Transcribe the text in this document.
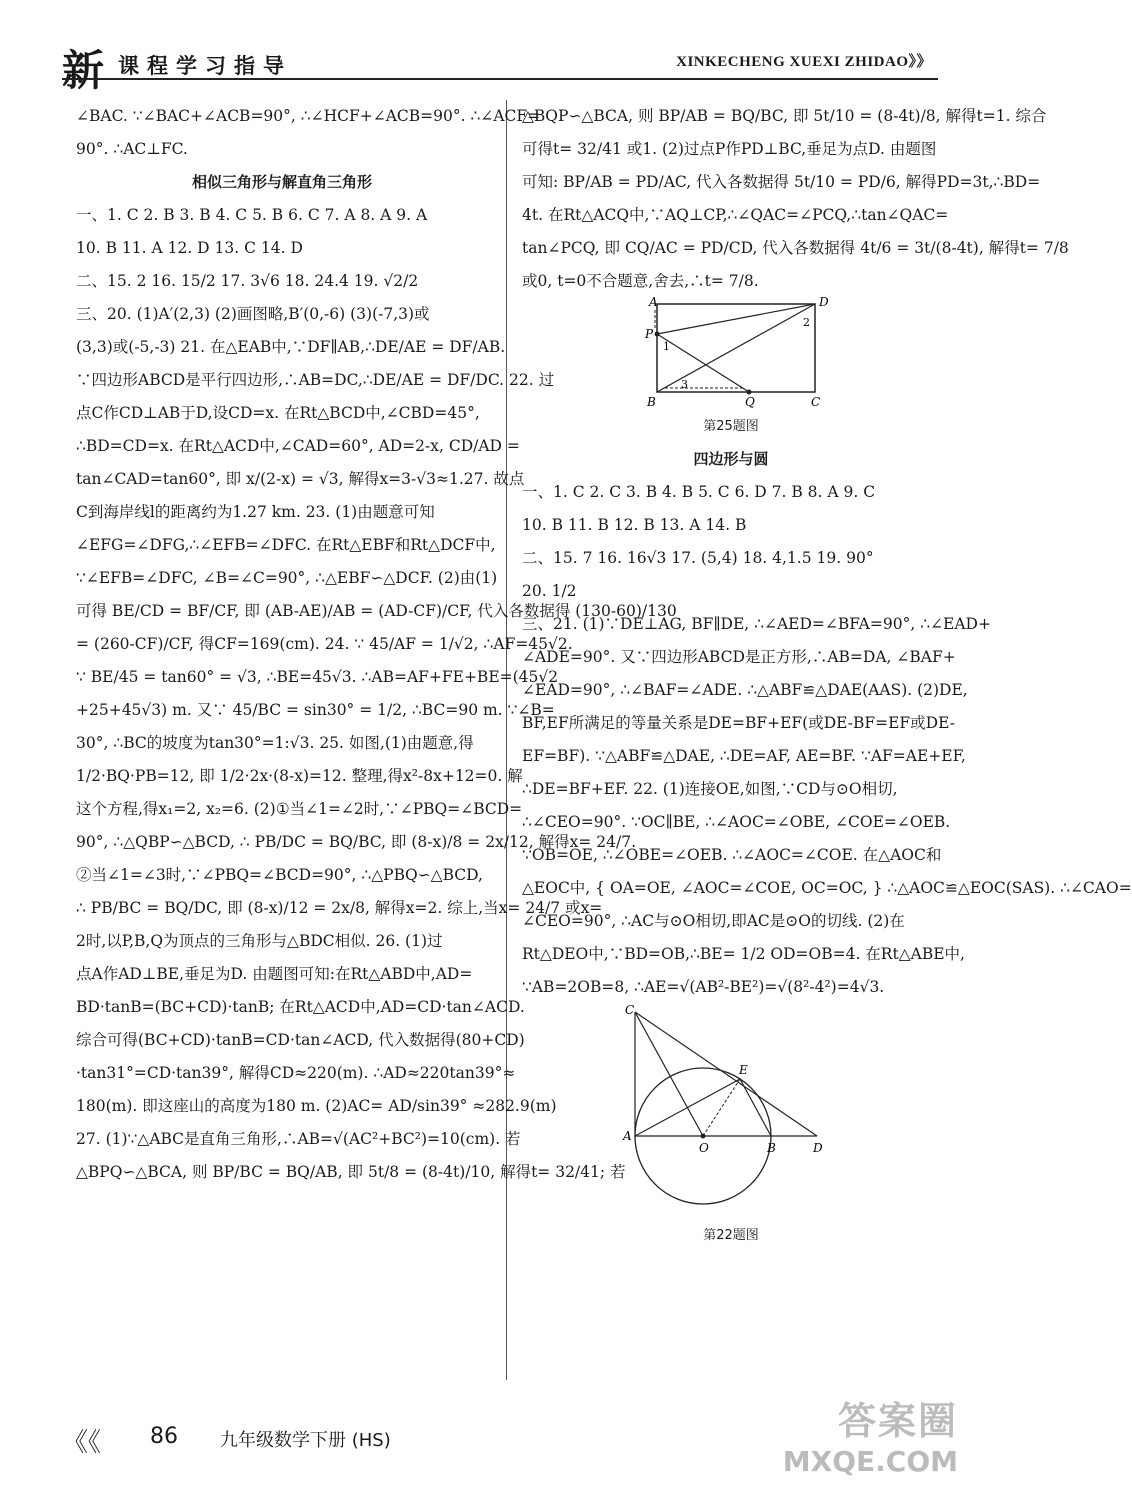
新 课程学习指导	XINKECHENG XUEXI ZHIDAO》》
∠BAC. ∵∠BAC+∠ACB=90°, ∴∠HCF+∠ACB=90°. ∴∠ACF=
90°. ∴AC⊥FC.
相似三角形与解直角三角形
一、1. C 2. B 3. B 4. C 5. B 6. C 7. A 8. A 9. A
10. B 11. A 12. D 13. C 14. D
二、15. 2 16. 15/2 17. 3√6 18. 24.4 19. √2/2
三、20. (1)A′(2,3) (2)画图略,B′(0,-6) (3)(-7,3)或
(3,3)或(-5,-3) 21. 在△EAB中,∵DF∥AB,∴DE/AE = DF/AB.
∵四边形ABCD是平行四边形,∴AB=DC,∴DE/AE = DF/DC. 22. 过
点C作CD⊥AB于D,设CD=x. 在Rt△BCD中,∠CBD=45°,
∴BD=CD=x. 在Rt△ACD中,∠CAD=60°, AD=2-x, CD/AD =
tan∠CAD=tan60°, 即 x/(2-x) = √3, 解得x=3-√3≈1.27. 故点
C到海岸线l的距离约为1.27 km. 23. (1)由题意可知
∠EFG=∠DFG,∴∠EFB=∠DFC. 在Rt△EBF和Rt△DCF中,
∵∠EFB=∠DFC, ∠B=∠C=90°, ∴△EBF∽△DCF. (2)由(1)
可得 BE/CD = BF/CF, 即 (AB-AE)/AB = (AD-CF)/CF, 代入各数据得 (130-60)/130
= (260-CF)/CF, 得CF=169(cm). 24. ∵ 45/AF = 1/√2, ∴AF=45√2.
∵ BE/45 = tan60° = √3, ∴BE=45√3. ∴AB=AF+FE+BE=(45√2
+25+45√3) m. 又∵ 45/BC = sin30° = 1/2, ∴BC=90 m. ∵∠B=
30°, ∴BC的坡度为tan30°=1:√3. 25. 如图,(1)由题意,得
1/2·BQ·PB=12, 即 1/2·2x·(8-x)=12. 整理,得x²-8x+12=0. 解
这个方程,得x₁=2, x₂=6. (2)①当∠1=∠2时,∵∠PBQ=∠BCD=
90°, ∴△QBP∽△BCD, ∴ PB/DC = BQ/BC, 即 (8-x)/8 = 2x/12, 解得x= 24/7.
②当∠1=∠3时,∵∠PBQ=∠BCD=90°, ∴△PBQ∽△BCD,
∴ PB/BC = BQ/DC, 即 (8-x)/12 = 2x/8, 解得x=2. 综上,当x= 24/7 或x=
2时,以P,B,Q为顶点的三角形与△BDC相似. 26. (1)过
点A作AD⊥BE,垂足为D. 由题图可知:在Rt△ABD中,AD=
BD·tanB=(BC+CD)·tanB; 在Rt△ACD中,AD=CD·tan∠ACD.
综合可得(BC+CD)·tanB=CD·tan∠ACD, 代入数据得(80+CD)
·tan31°=CD·tan39°, 解得CD≈220(m). ∴AD≈220tan39°≈
180(m). 即这座山的高度为180 m. (2)AC= AD/sin39° ≈282.9(m)
27. (1)∵△ABC是直角三角形,∴AB=√(AC²+BC²)=10(cm). 若
△BPQ∽△BCA, 则 BP/BC = BQ/AB, 即 5t/8 = (8-4t)/10, 解得t= 32/41; 若
△BQP∽△BCA, 则 BP/AB = BQ/BC, 即 5t/10 = (8-4t)/8, 解得t=1. 综合
可得t= 32/41 或1. (2)过点P作PD⊥BC,垂足为点D. 由题图
可知: BP/AB = PD/AC, 代入各数据得 5t/10 = PD/6, 解得PD=3t,∴BD=
4t. 在Rt△ACQ中,∵AQ⊥CP,∴∠QAC=∠PCQ,∴tan∠QAC=
tan∠PCQ, 即 CQ/AC = PD/CD, 代入各数据得 4t/6 = 3t/(8-4t), 解得t= 7/8
或0, t=0不合题意,舍去,∴t= 7/8.
A	D
P
1
2
3
B	Q	C
第25题图
四边形与圆
一、1. C 2. C 3. B 4. B 5. C 6. D 7. B 8. A 9. C
10. B 11. B 12. B 13. A 14. B
二、15. 7 16. 16√3 17. (5,4) 18. 4,1.5 19. 90°
20. 1/2
三、21. (1)∵DE⊥AG, BF∥DE, ∴∠AED=∠BFA=90°, ∴∠EAD+
∠ADE=90°. 又∵四边形ABCD是正方形,∴AB=DA, ∠BAF+
∠EAD=90°, ∴∠BAF=∠ADE. ∴△ABF≌△DAE(AAS). (2)DE,
BF,EF所满足的等量关系是DE=BF+EF(或DE-BF=EF或DE-
EF=BF). ∵△ABF≌△DAE, ∴DE=AF, AE=BF. ∵AF=AE+EF,
∴DE=BF+EF. 22. (1)连接OE,如图,∵CD与⊙O相切,
∴∠CEO=90°. ∵OC∥BE, ∴∠AOC=∠OBE, ∠COE=∠OEB.
∵OB=OE, ∴∠OBE=∠OEB. ∴∠AOC=∠COE. 在△AOC和
△EOC中, { OA=OE, ∠AOC=∠COE, OC=OC, } ∴△AOC≌△EOC(SAS). ∴∠CAO=
∠CEO=90°, ∴AC与⊙O相切,即AC是⊙O的切线. (2)在
Rt△DEO中,∵BD=OB,∴BE= 1/2 OD=OB=4. 在Rt△ABE中,
∵AB=2OB=8, ∴AE=√(AB²-BE²)=√(8²-4²)=4√3.
C
E
A
O	B	D
第22题图
《《 86 九年级数学下册 (HS)	答案圈
MXQE.COM
